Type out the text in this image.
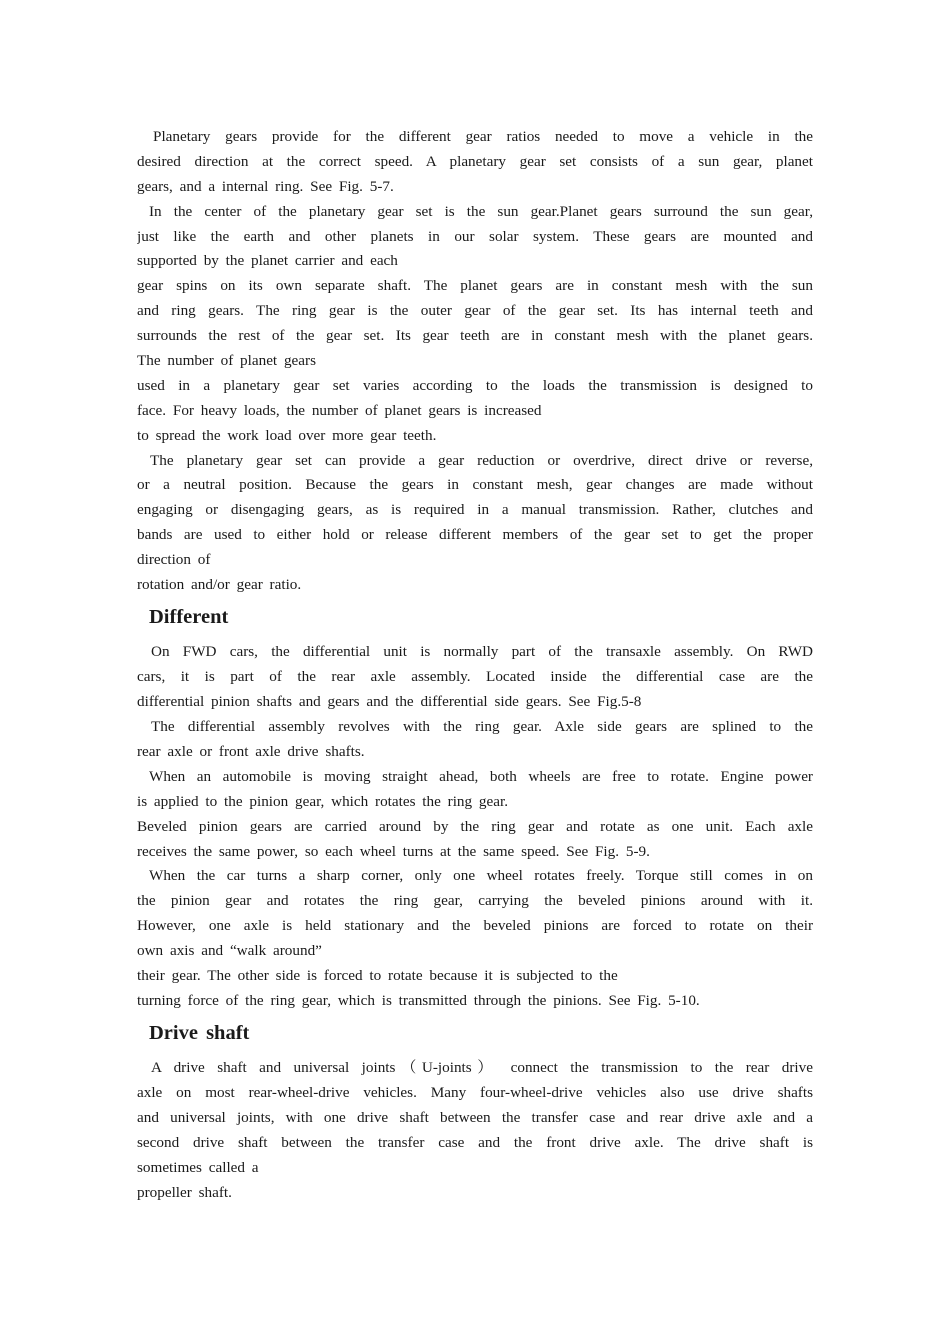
Planetary gears provide for the different gear ratios needed to move a vehicle in the
desired direction at the correct speed. A planetary gear set consists of a sun gear, planet
gears, and a internal ring. See Fig. 5-7.
In the center of the planetary gear set is the sun gear.Planet gears surround the sun gear,
just like the earth and other planets in our solar system. These gears are mounted and
supported by the planet carrier and each
gear spins on its own separate shaft. The planet gears are in constant mesh with the sun
and ring gears. The ring gear is the outer gear of the gear set. Its has internal teeth and
surrounds the rest of the gear set. Its gear teeth are in constant mesh with the planet gears.
The number of planet gears
used in a planetary gear set varies according to the loads the transmission is designed to
face. For heavy loads, the number of planet gears is increased
to spread the work load over more gear teeth.
The planetary gear set can provide a gear reduction or overdrive, direct drive or reverse,
or a neutral position. Because the gears in constant mesh, gear changes are made without
engaging or disengaging gears, as is required in a manual transmission. Rather, clutches and
bands are used to either hold or release different members of the gear set to get the proper
direction of
rotation and/or gear ratio.
Different
On FWD cars, the differential unit is normally part of the transaxle assembly. On RWD
cars, it is part of the rear axle assembly. Located inside the differential case are the
differential pinion shafts and gears and the differential side gears. See Fig.5-8
The differential assembly revolves with the ring gear. Axle side gears are splined to the
rear axle or front axle drive shafts.
When an automobile is moving straight ahead, both wheels are free to rotate. Engine power
is applied to the pinion gear, which rotates the ring gear.
Beveled pinion gears are carried around by the ring gear and rotate as one unit. Each axle
receives the same power, so each wheel turns at the same speed. See Fig. 5-9.
When the car turns a sharp corner, only one wheel rotates freely. Torque still comes in on
the pinion gear and rotates the ring gear, carrying the beveled pinions around with it.
However, one axle is held stationary and the beveled pinions are forced to rotate on their
own axis and “walk around”
their gear. The other side is forced to rotate because it is subjected to the
turning force of the ring gear, which is transmitted through the pinions. See Fig. 5-10.
Drive shaft
A drive shaft and universal joints（U-joints） connect the transmission to the rear drive
axle on most rear-wheel-drive vehicles. Many four-wheel-drive vehicles also use drive shafts
and universal joints, with one drive shaft between the transfer case and rear drive axle and a
second drive shaft between the transfer case and the front drive axle. The drive shaft is
sometimes called a
propeller shaft.
